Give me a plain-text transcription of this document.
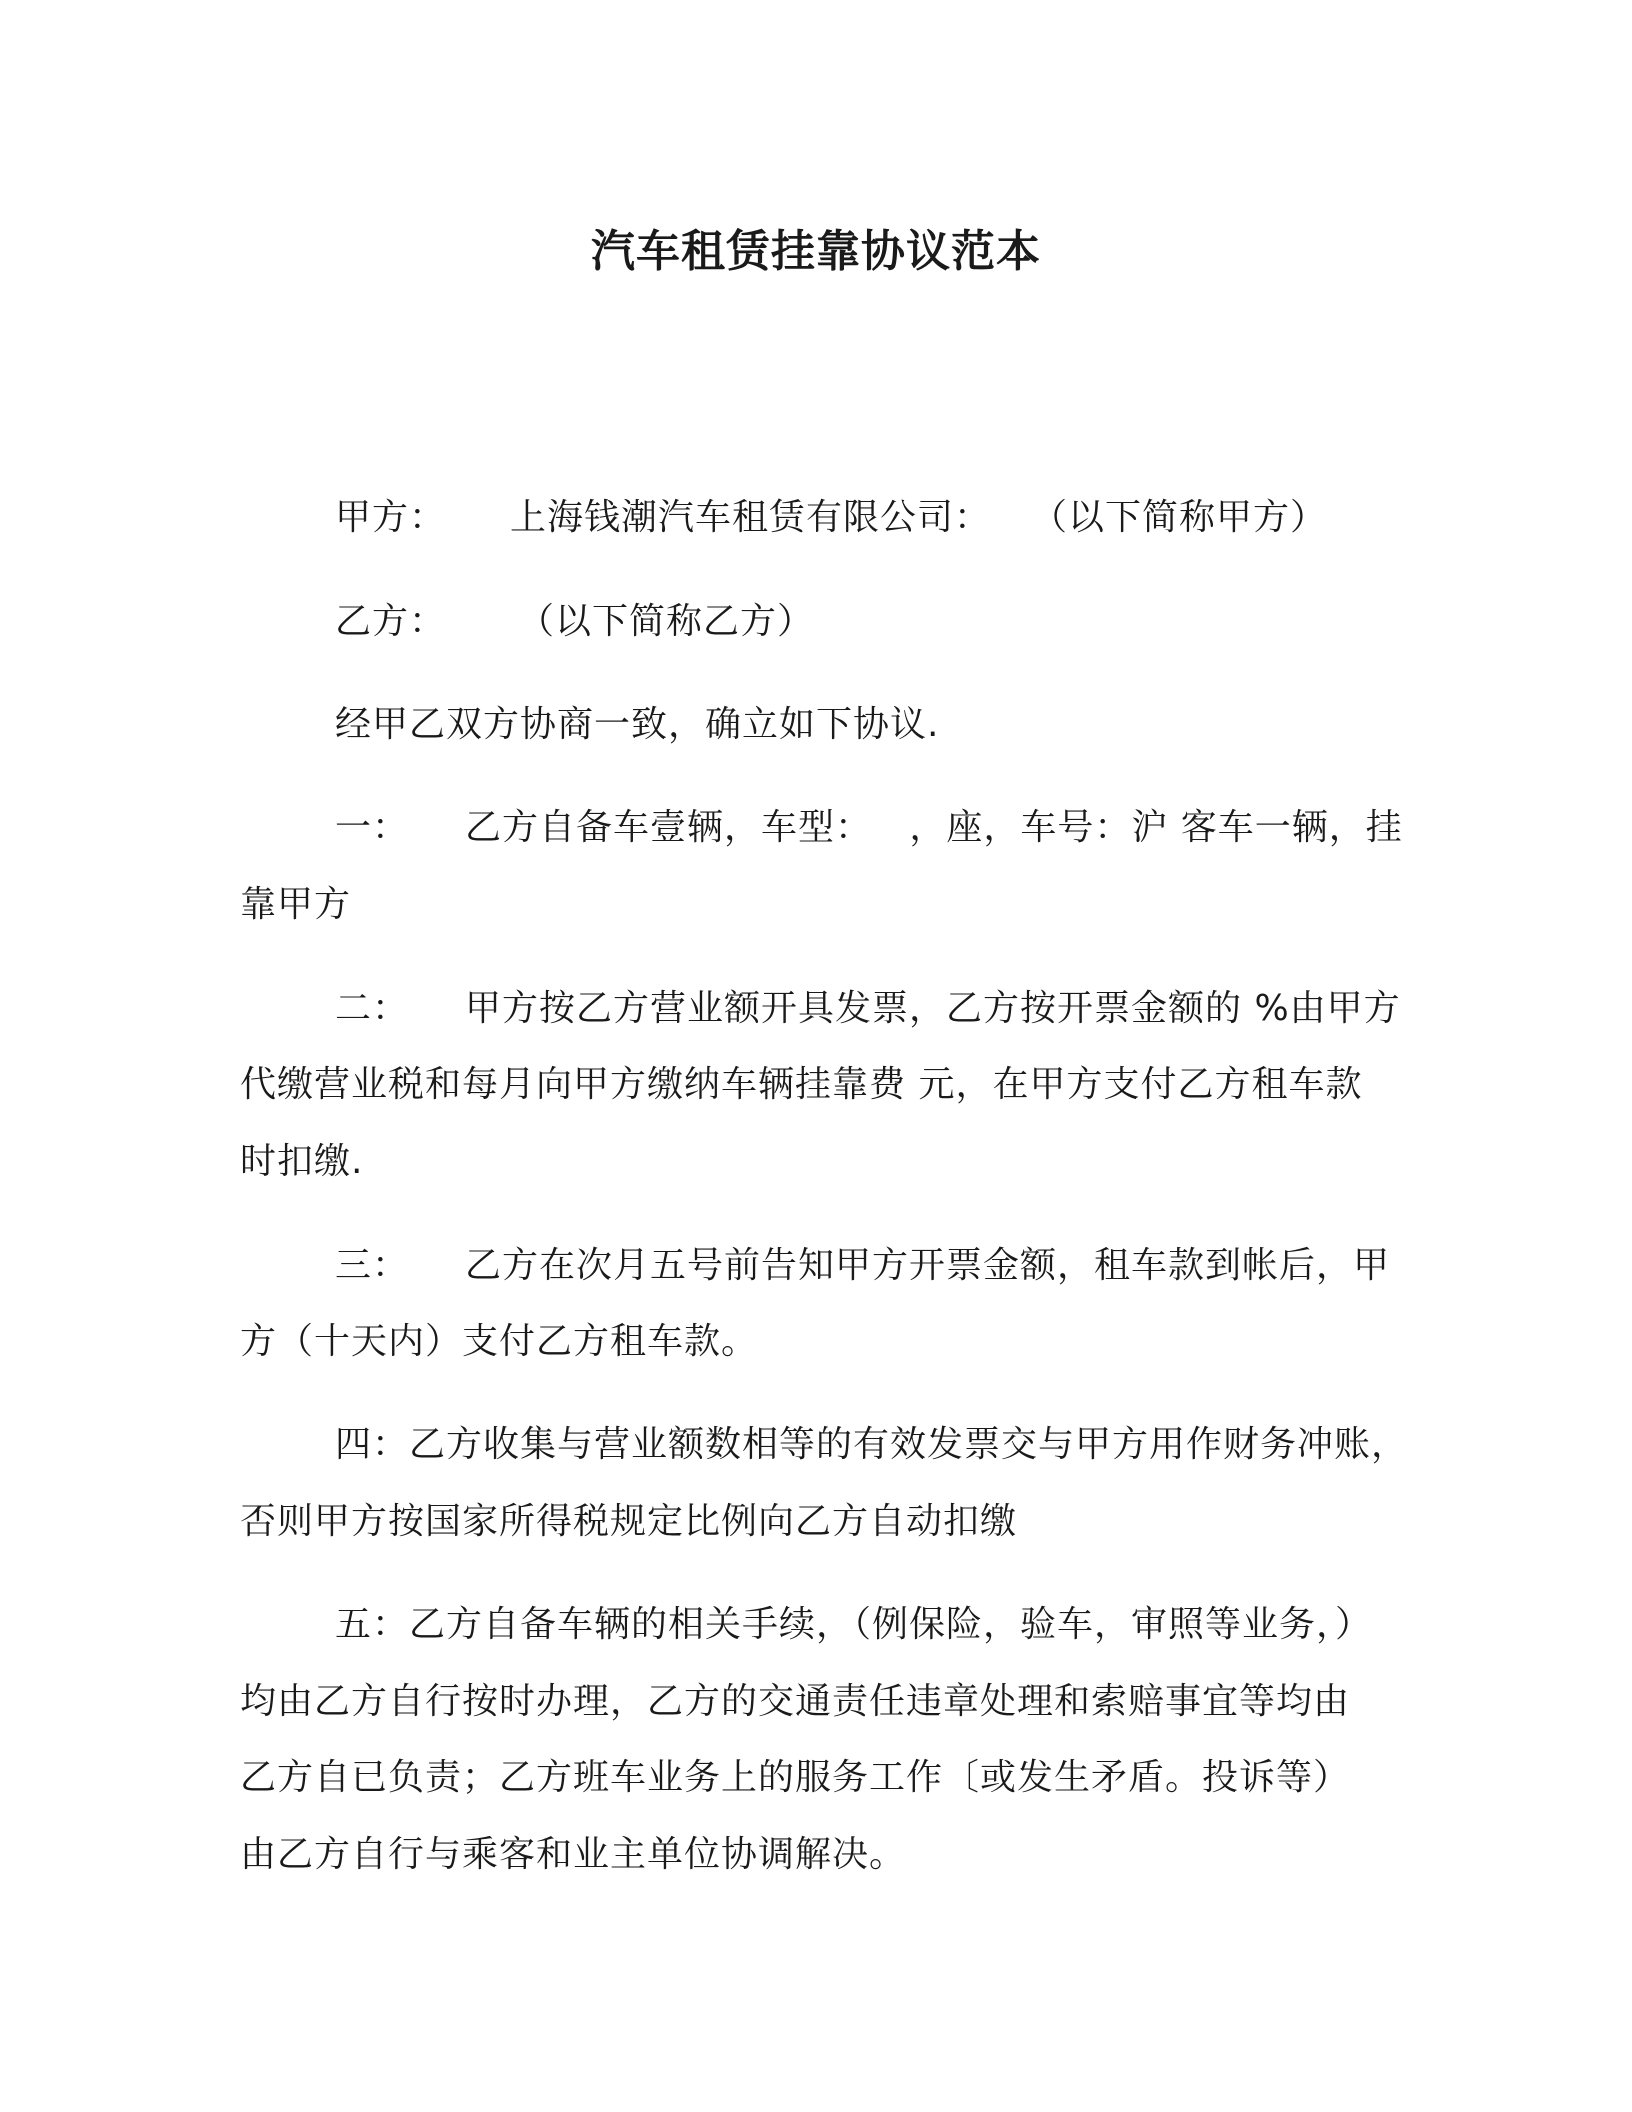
汽车租赁挂靠协议范本
甲方： 上海钱潮汽车租赁有限公司： （以下简称甲方）
乙方： （以下简称乙方）
经甲乙双方协商一致，确立如下协议.
一： 乙方自备车壹辆，车型：   ，座，车号：沪 客车一辆，挂
靠甲方
二： 甲方按乙方营业额开具发票，乙方按开票金额的 %由甲方
代缴营业税和每月向甲方缴纳车辆挂靠费 元，在甲方支付乙方租车款
时扣缴.
三： 乙方在次月五号前告知甲方开票金额，租车款到帐后，甲
方（十天内）支付乙方租车款。
四：乙方收集与营业额数相等的有效发票交与甲方用作财务冲账，
否则甲方按国家所得税规定比例向乙方自动扣缴
五：乙方自备车辆的相关手续，（例保险，验车，审照等业务，）
均由乙方自行按时办理，乙方的交通责任违章处理和索赔事宜等均由
乙方自已负责；乙方班车业务上的服务工作〔或发生矛盾。投诉等）
由乙方自行与乘客和业主单位协调解决。
